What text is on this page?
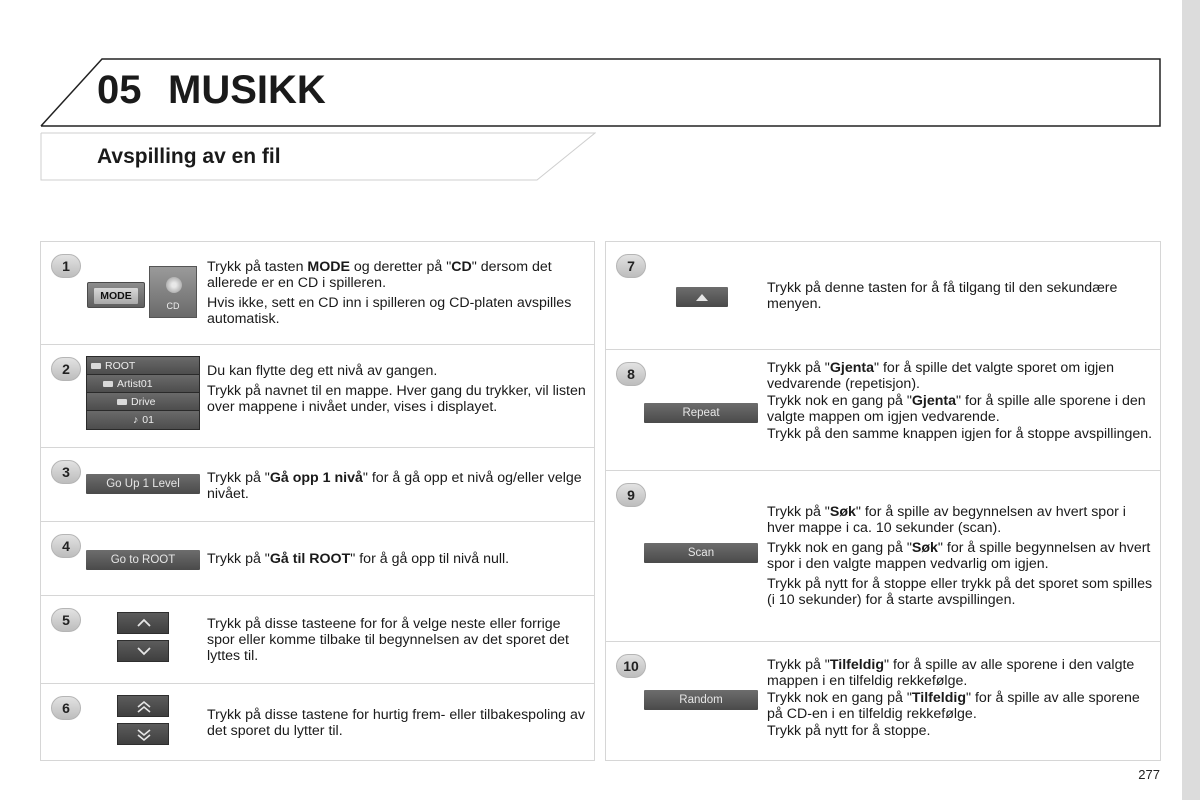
05 MUSIKK
Avspilling av en fil
1
MODE
CD

Trykk på tasten MODE og deretter på "CD" dersom det allerede er en CD i spilleren.

Hvis ikke, sett en CD inn i spilleren og CD-platen avspilles automatisk.

2	ROOT
Artist01
Drive
♪ 01

Du kan flytte deg ett nivå av gangen.

Trykk på navnet til en mappe. Hver gang du trykker, vil listen over mappene i nivået under, vises i displayet.

3
Go Up 1 Level	Trykk på "Gå opp 1 nivå" for å gå opp et nivå og/eller velge nivået.

4
Go to ROOT	Trykk på "Gå til ROOT" for å gå opp til nivå null.

5	Trykk på disse tasteene for for å velge neste eller forrige spor eller komme tilbake til begynnelsen av det sporet det lyttes til.

6	Trykk på disse tastene for hurtig frem- eller tilbakespoling av det sporet du lytter til.

7

Trykk på denne tasten for å få tilgang til den sekundære menyen.

8
Repeat

Trykk på "Gjenta" for å spille det valgte sporet om igjen vedvarende (repetisjon).

Trykk nok en gang på "Gjenta" for å spille alle sporene i den valgte mappen om igjen vedvarende.

Trykk på den samme knappen igjen for å stoppe avspillingen.

9
Scan

Trykk på "Søk" for å spille av begynnelsen av hvert spor i hver mappe i ca. 10 sekunder (scan).

Trykk nok en gang på "Søk" for å spille begynnelsen av hvert spor i den valgte mappen vedvarlig om igjen.

Trykk på nytt for å stoppe eller trykk på det sporet som spilles (i 10 sekunder) for å starte avspillingen.

10
Random

Trykk på "Tilfeldig" for å spille av alle sporene i den valgte mappen i en tilfeldig rekkefølge.

Trykk nok en gang på "Tilfeldig" for å spille av alle sporene på CD-en i en tilfeldig rekkefølge.

Trykk på nytt for å stoppe.

277
